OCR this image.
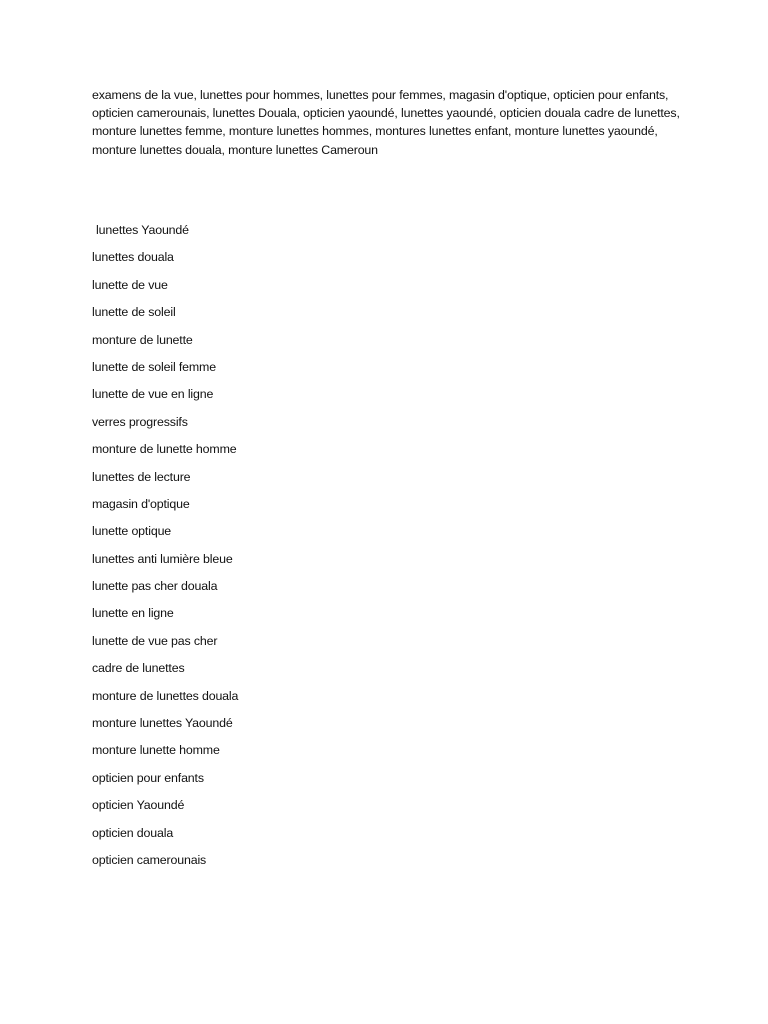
examens de la vue, lunettes pour hommes, lunettes pour femmes, magasin d'optique, opticien pour enfants, opticien camerounais, lunettes Douala, opticien yaoundé, lunettes yaoundé, opticien douala cadre de lunettes, monture lunettes femme, monture lunettes hommes, montures lunettes enfant, monture lunettes yaoundé, monture lunettes douala, monture lunettes Cameroun

lunettes Yaoundé
lunettes douala
lunette de vue
lunette de soleil
monture de lunette
lunette de soleil femme
lunette de vue en ligne
verres progressifs
monture de lunette homme
lunettes de lecture
magasin d'optique
lunette optique
lunettes anti lumière bleue
lunette pas cher douala
lunette en ligne
lunette de vue pas cher
cadre de lunettes
monture de lunettes douala
monture lunettes Yaoundé
monture lunette homme
opticien pour enfants
opticien Yaoundé
opticien douala
opticien camerounais
